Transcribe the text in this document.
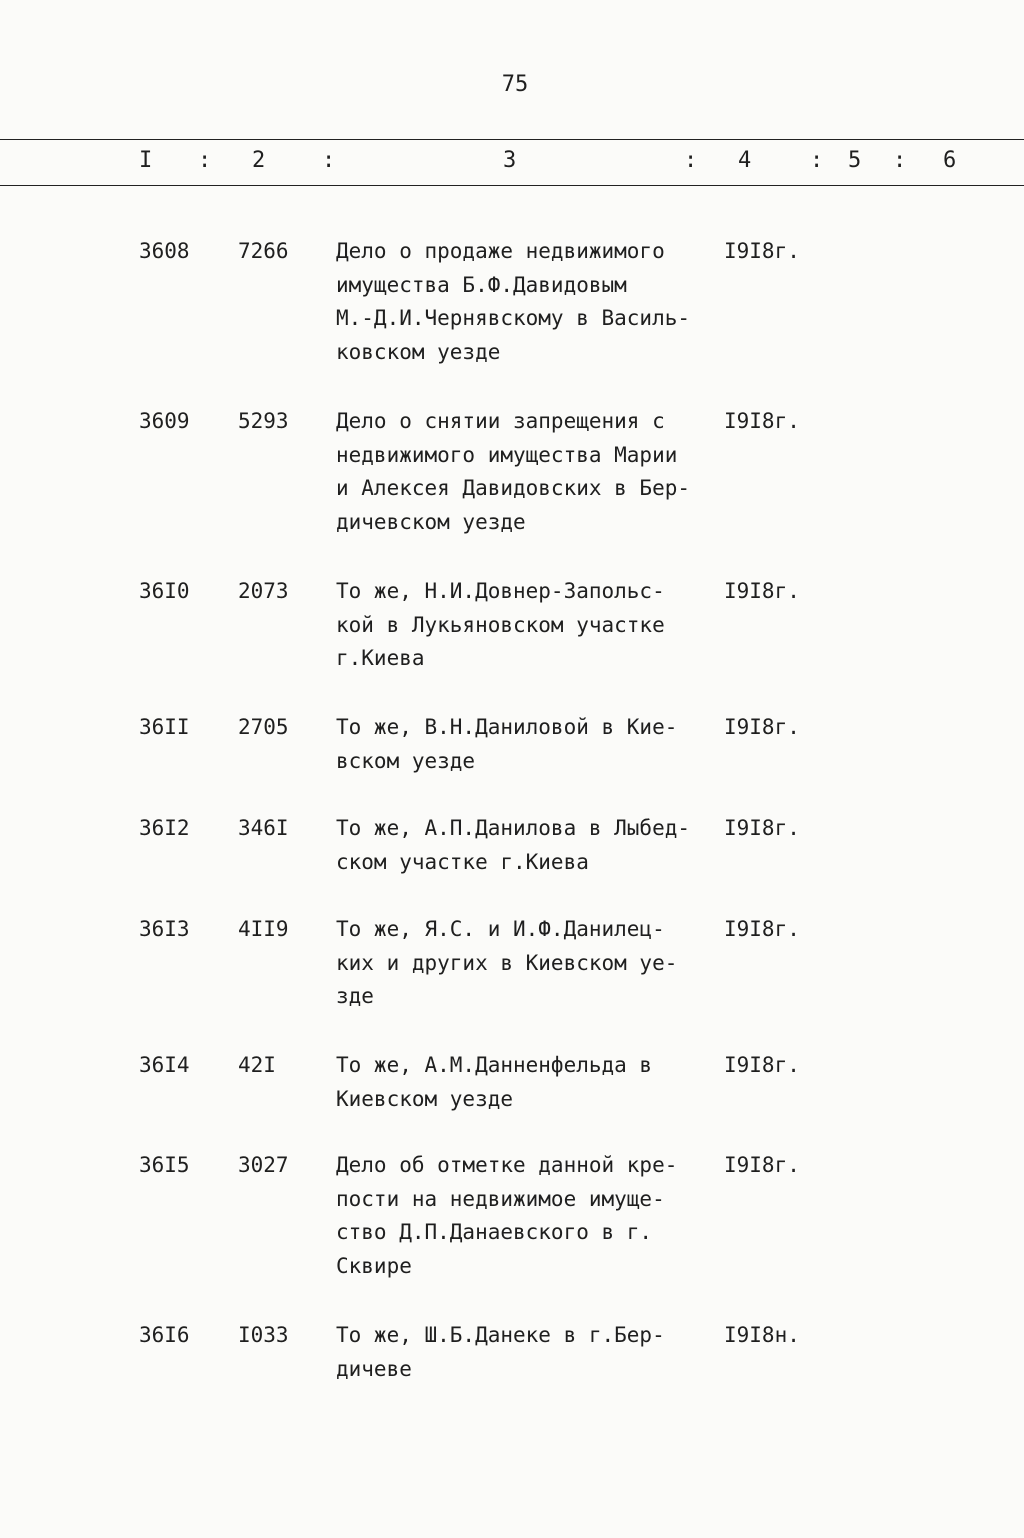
75
I : 2	:	3	: 4	: 5 : 6
3608 7266 Дело о продаже недвижимого
имущества Б.Ф.Давидовым
М.-Д.И.Чернявскому в Василь-
ковском уезде
I9I8г.
3609 5293 Дело о снятии запрещения с
недвижимого имущества Марии
и Алексея Давидовских в Бер-
дичевском уезде
I9I8г.
36I0 2073 То же, Н.И.Довнер-Запольс-
кой в Лукьяновском участке
г.Киева
I9I8г.
36II 2705 То же, В.Н.Даниловой в Кие-
вском уезде
I9I8г.
36I2 346I То же, А.П.Данилова в Лыбед-
ском участке г.Киева
I9I8г.
36I3 4II9 То же, Я.С. и И.Ф.Данилец-
ких и других в Киевском уе-
зде
I9I8г.
36I4 42I	То же, А.М.Данненфельда в
Киевском уезде
I9I8г.
36I5 3027 Дело об отметке данной кре-
пости на недвижимое имуще-
ство Д.П.Данаевского в г.
Сквире
I9I8г.
36I6 I033 То же, Ш.Б.Данеке в г.Бер-
дичеве
I9I8н.
